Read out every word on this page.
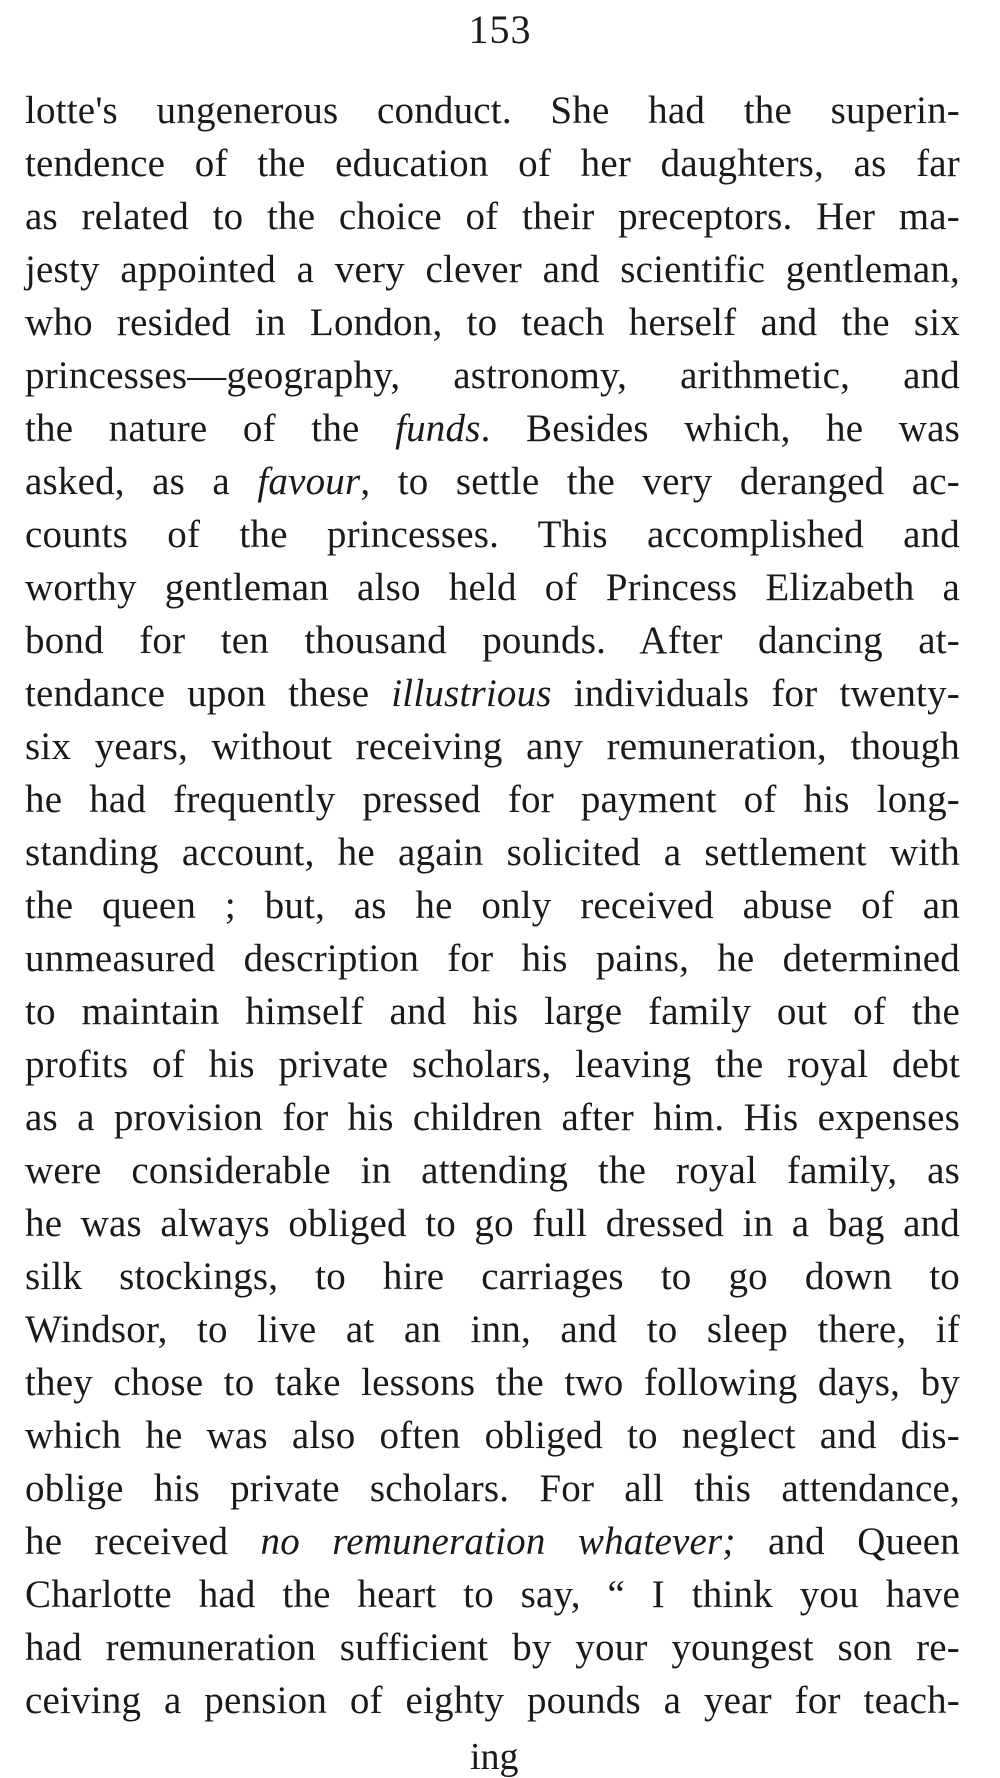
153
lotte's ungenerous conduct. She had the superin-
tendence of the education of her daughters, as far
as related to the choice of their preceptors. Her ma-
jesty appointed a very clever and scientific gentleman,
who resided in London, to teach herself and the six
princesses—geography, astronomy, arithmetic, and
the nature of the funds. Besides which, he was
asked, as a favour, to settle the very deranged ac-
counts of the princesses. This accomplished and
worthy gentleman also held of Princess Elizabeth a
bond for ten thousand pounds. After dancing at-
tendance upon these illustrious individuals for twenty-
six years, without receiving any remuneration, though
he had frequently pressed for payment of his long-
standing account, he again solicited a settlement with
the queen ; but, as he only received abuse of an
unmeasured description for his pains, he determined
to maintain himself and his large family out of the
profits of his private scholars, leaving the royal debt
as a provision for his children after him. His expenses
were considerable in attending the royal family, as
he was always obliged to go full dressed in a bag and
silk stockings, to hire carriages to go down to
Windsor, to live at an inn, and to sleep there, if
they chose to take lessons the two following days, by
which he was also often obliged to neglect and dis-
oblige his private scholars. For all this attendance,
he received no remuneration whatever; and Queen
Charlotte had the heart to say, “ I think you have
had remuneration sufficient by your youngest son re-
ceiving a pension of eighty pounds a year for teach-
ing
